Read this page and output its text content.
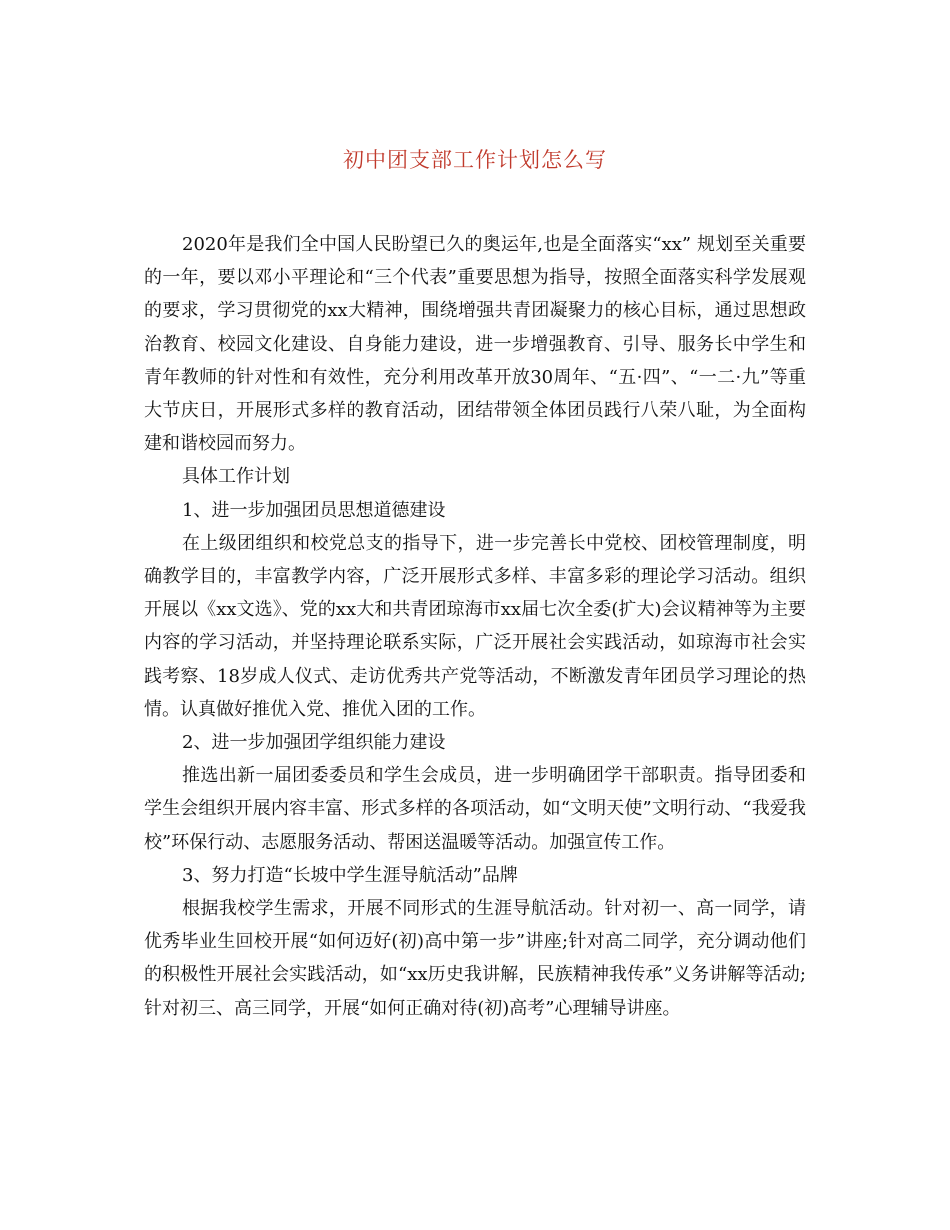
初中团支部工作计划怎么写

2020年是我们全中国人民盼望已久的奥运年,也是全面落实“xx” 规划至关重要的一年，要以邓小平理论和“三个代表”重要思想为指导，按照全面落实科学发展观的要求，学习贯彻党的xx大精神，围绕增强共青团凝聚力的核心目标，通过思想政治教育、校园文化建设、自身能力建设，进一步增强教育、引导、服务长中学生和青年教师的针对性和有效性，充分利用改革开放30周年、“五·四”、“一二·九”等重大节庆日，开展形式多样的教育活动，团结带领全体团员践行八荣八耻，为全面构建和谐校园而努力。

具体工作计划

1、进一步加强团员思想道德建设

在上级团组织和校党总支的指导下，进一步完善长中党校、团校管理制度，明确教学目的，丰富教学内容，广泛开展形式多样、丰富多彩的理论学习活动。组织开展以《xx文选》、党的xx大和共青团琼海市xx届七次全委(扩大)会议精神等为主要内容的学习活动，并坚持理论联系实际，广泛开展社会实践活动，如琼海市社会实践考察、18岁成人仪式、走访优秀共产党等活动，不断激发青年团员学习理论的热情。认真做好推优入党、推优入团的工作。

2、进一步加强团学组织能力建设

推选出新一届团委委员和学生会成员，进一步明确团学干部职责。指导团委和学生会组织开展内容丰富、形式多样的各项活动，如“文明天使”文明行动、“我爱我校”环保行动、志愿服务活动、帮困送温暖等活动。加强宣传工作。

3、努力打造“长坡中学生涯导航活动”品牌

根据我校学生需求，开展不同形式的生涯导航活动。针对初一、高一同学，请优秀毕业生回校开展“如何迈好(初)高中第一步”讲座;针对高二同学，充分调动他们的积极性开展社会实践活动，如“xx历史我讲解，民族精神我传承”义务讲解等活动;针对初三、高三同学，开展“如何正确对待(初)高考”心理辅导讲座。
